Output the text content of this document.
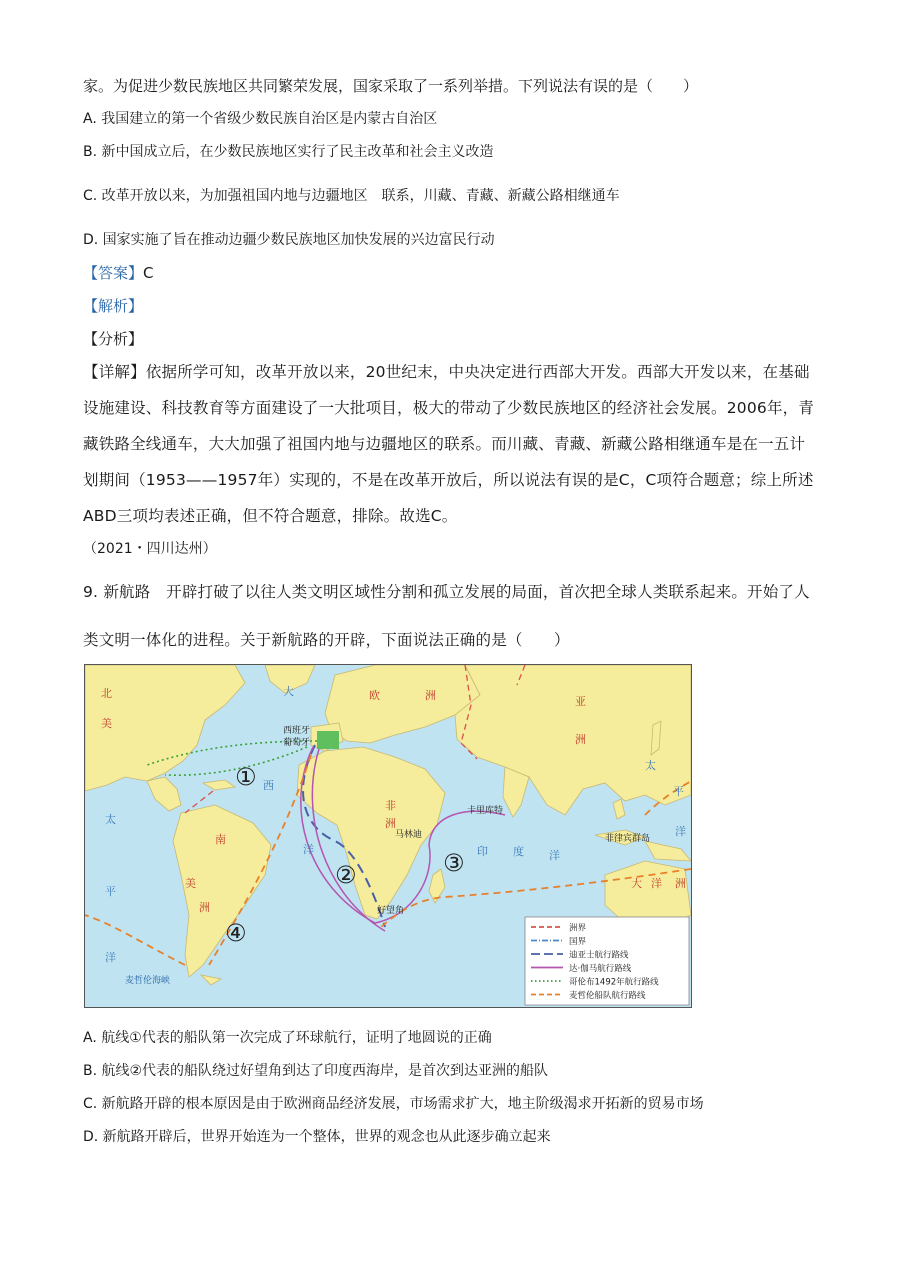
家。为促进少数民族地区共同繁荣发展，国家采取了一系列举措。下列说法有误的是（　　）
A. 我国建立的第一个省级少数民族自治区是内蒙古自治区
B. 新中国成立后，在少数民族地区实行了民主改革和社会主义改造
C. 改革开放以来，为加强祖国内地与边疆地区　联系，川藏、青藏、新藏公路相继通车
D. 国家实施了旨在推动边疆少数民族地区加快发展的兴边富民行动
【答案】C
【解析】
【分析】
【详解】依据所学可知，改革开放以来，20世纪末，中央决定进行西部大开发。西部大开发以来，在基础
设施建设、科技教育等方面建设了一大批项目，极大的带动了少数民族地区的经济社会发展。2006年，青
藏铁路全线通车，大大加强了祖国内地与边疆地区的联系。而川藏、青藏、新藏公路相继通车是在一五计
划期间（1953——1957年）实现的，不是在改革开放后，所以说法有误的是C，C项符合题意；综上所述
ABD三项均表述正确，但不符合题意，排除。故选C。
（2021・四川达州）
9. 新航路　开辟打破了以往人类文明区域性分割和孤立发展的局面，首次把全球人类联系起来。开始了人
类文明一体化的进程。关于新航路的开辟，下面说法正确的是（　　）
①
②	③
④
西班牙
葡萄牙
卡里库特
马林迪
好望角
菲律宾群岛
麦哲伦海峡
北
美
欧	洲	亚
洲
非
洲
南
美
洲
大 洋 洲
大
西
洋	印 度 洋
太
平
洋
太
平
洋
洲界
国界
迪亚士航行路线
达·伽马航行路线
哥伦布1492年航行路线
麦哲伦船队航行路线
A. 航线①代表的船队第一次完成了环球航行，证明了地圆说的正确
B. 航线②代表的船队绕过好望角到达了印度西海岸，是首次到达亚洲的船队
C. 新航路开辟的根本原因是由于欧洲商品经济发展，市场需求扩大，地主阶级渴求开拓新的贸易市场
D. 新航路开辟后，世界开始连为一个整体，世界的观念也从此逐步确立起来
